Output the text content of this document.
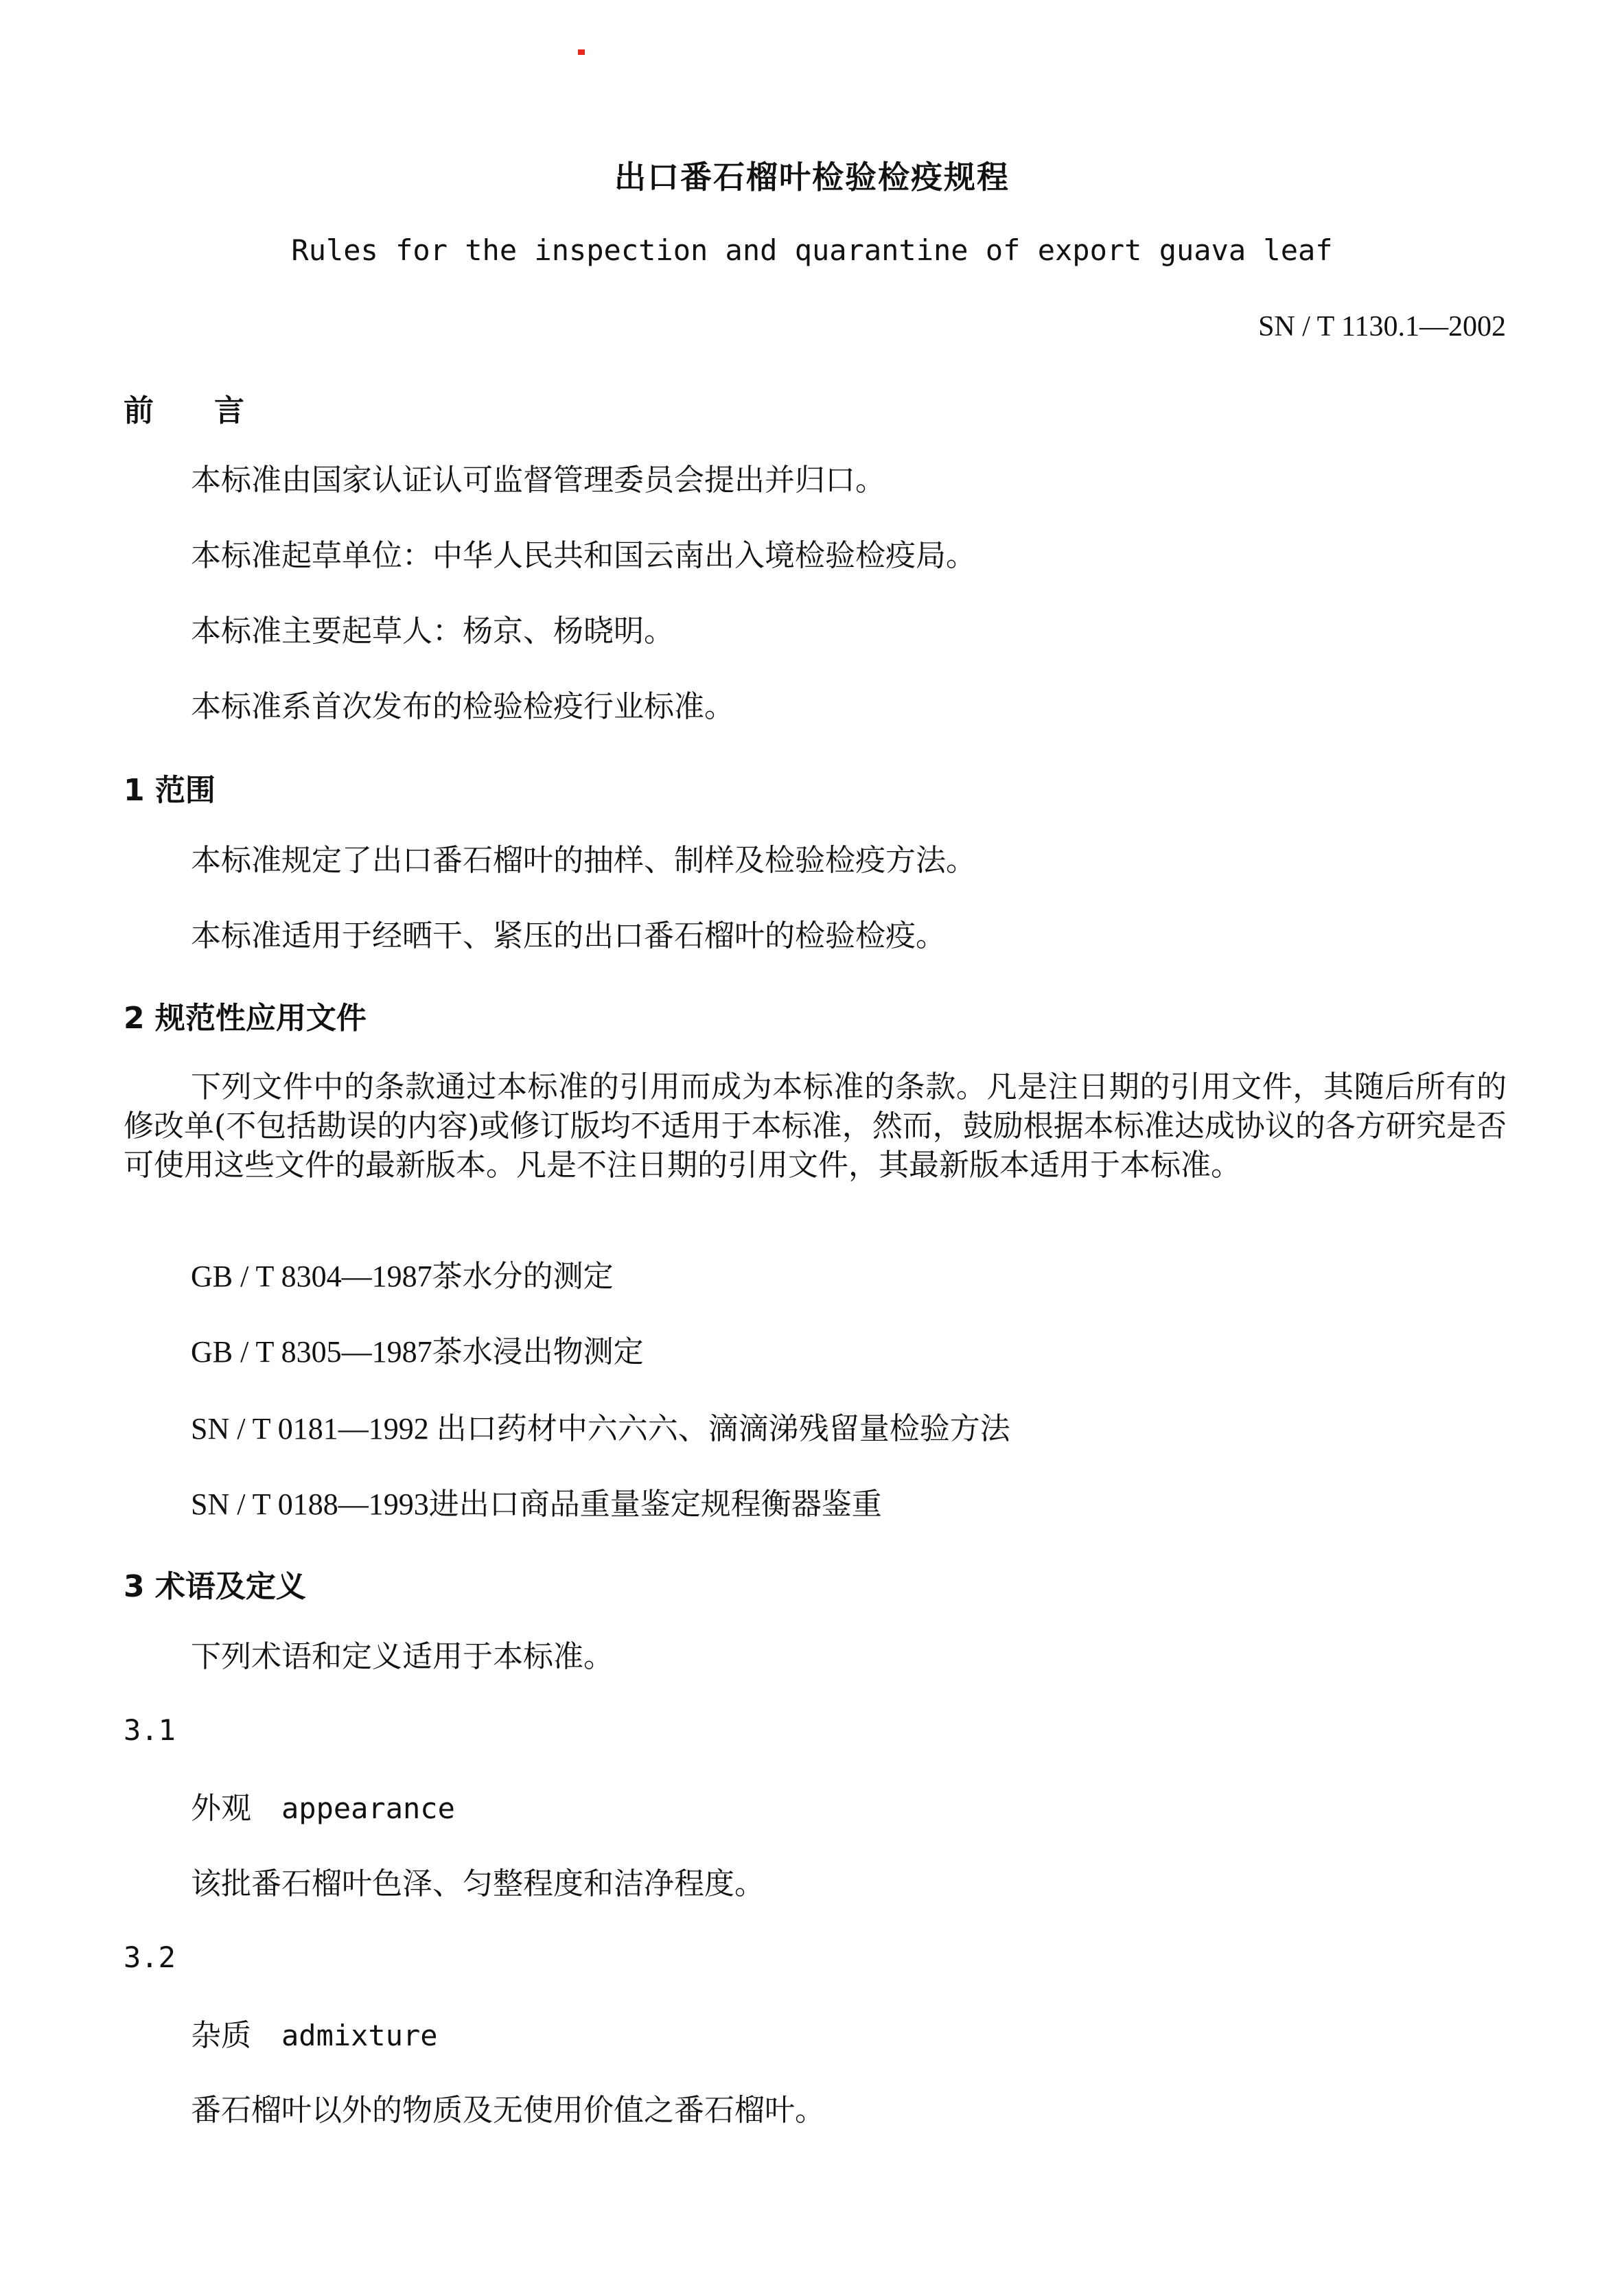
出口番石榴叶检验检疫规程
Rules for the inspection and quarantine of export guava leaf
SN / T 1130.1—2002
前　　言
本标准由国家认证认可监督管理委员会提出并归口。
本标准起草单位：中华人民共和国云南出入境检验检疫局。
本标准主要起草人：杨京、杨晓明。
本标准系首次发布的检验检疫行业标准。
1 范围
本标准规定了出口番石榴叶的抽样、制样及检验检疫方法。
本标准适用于经晒干、紧压的出口番石榴叶的检验检疫。
2 规范性应用文件
下列文件中的条款通过本标准的引用而成为本标准的条款。凡是注日期的引用文件，其随后所有的修改单(不包括勘误的内容)或修订版均不适用于本标准，然而，鼓励根据本标准达成协议的各方研究是否可使用这些文件的最新版本。凡是不注日期的引用文件，其最新版本适用于本标准。
GB / T 8304—1987茶水分的测定
GB / T 8305—1987茶水浸出物测定
SN / T 0181—1992 出口药材中六六六、滴滴涕残留量检验方法
SN / T 0188—1993进出口商品重量鉴定规程衡器鉴重
3 术语及定义
下列术语和定义适用于本标准。
3.1
外观　 appearance
该批番石榴叶色泽、匀整程度和洁净程度。
3.2
杂质　 admixture
番石榴叶以外的物质及无使用价值之番石榴叶。
